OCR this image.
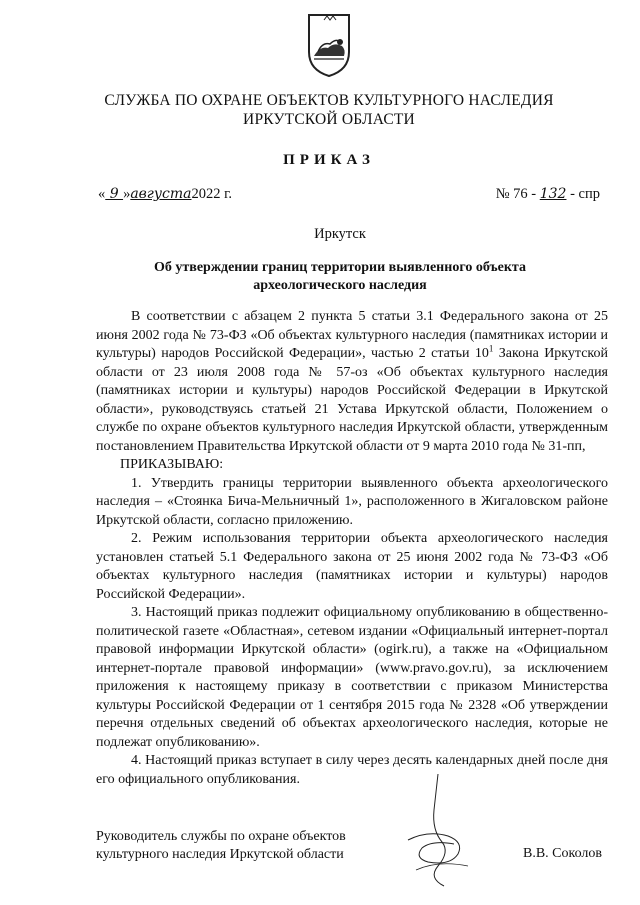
СЛУЖБА ПО ОХРАНЕ ОБЪЕКТОВ КУЛЬТУРНОГО НАСЛЕДИЯ
ИРКУТСКОЙ ОБЛАСТИ
ПРИКАЗ
« 9 »августа2022 г.	№ 76 - 132 - спр
Иркутск
Об утверждении границ территории выявленного объекта
археологического наследия

В соответствии с абзацем 2 пункта 5 статьи 3.1 Федерального закона от 25 июня 2002 года № 73-ФЗ «Об объектах культурного наследия (памятниках истории и культуры) народов Российской Федерации», частью 2 статьи $10^1$ Закона Иркутской области от 23 июля 2008 года № 57-оз «Об объектах культурного наследия (памятниках истории и культуры) народов Российской Федерации в Иркутской области», руководствуясь статьей 21 Устава Иркутской области, Положением о службе по охране объектов культурного наследия Иркутской области, утвержденным постановлением Правительства Иркутской области от 9 марта 2010 года № 31-пп,

ПРИКАЗЫВАЮ:

1. Утвердить границы территории выявленного объекта археологического наследия – «Стоянка Бича-Мельничный 1», расположенного в Жигаловском районе Иркутской области, согласно приложению.

2. Режим использования территории объекта археологического наследия установлен статьей 5.1 Федерального закона от 25 июня 2002 года № 73-ФЗ «Об объектах культурного наследия (памятниках истории и культуры) народов Российской Федерации».

3. Настоящий приказ подлежит официальному опубликованию в общественно-политической газете «Областная», сетевом издании «Официальный интернет-портал правовой информации Иркутской области» (ogirk.ru), а также на «Официальном интернет-портале правовой информации» (www.pravo.gov.ru), за исключением приложения к настоящему приказу в соответствии с приказом Министерства культуры Российской Федерации от 1 сентября 2015 года № 2328 «Об утверждении перечня отдельных сведений об объектах археологического наследия, которые не подлежат опубликованию».

4. Настоящий приказ вступает в силу через десять календарных дней после дня его официального опубликования.

Руководитель службы по охране объектов
культурного наследия Иркутской области	В.В. Соколов
